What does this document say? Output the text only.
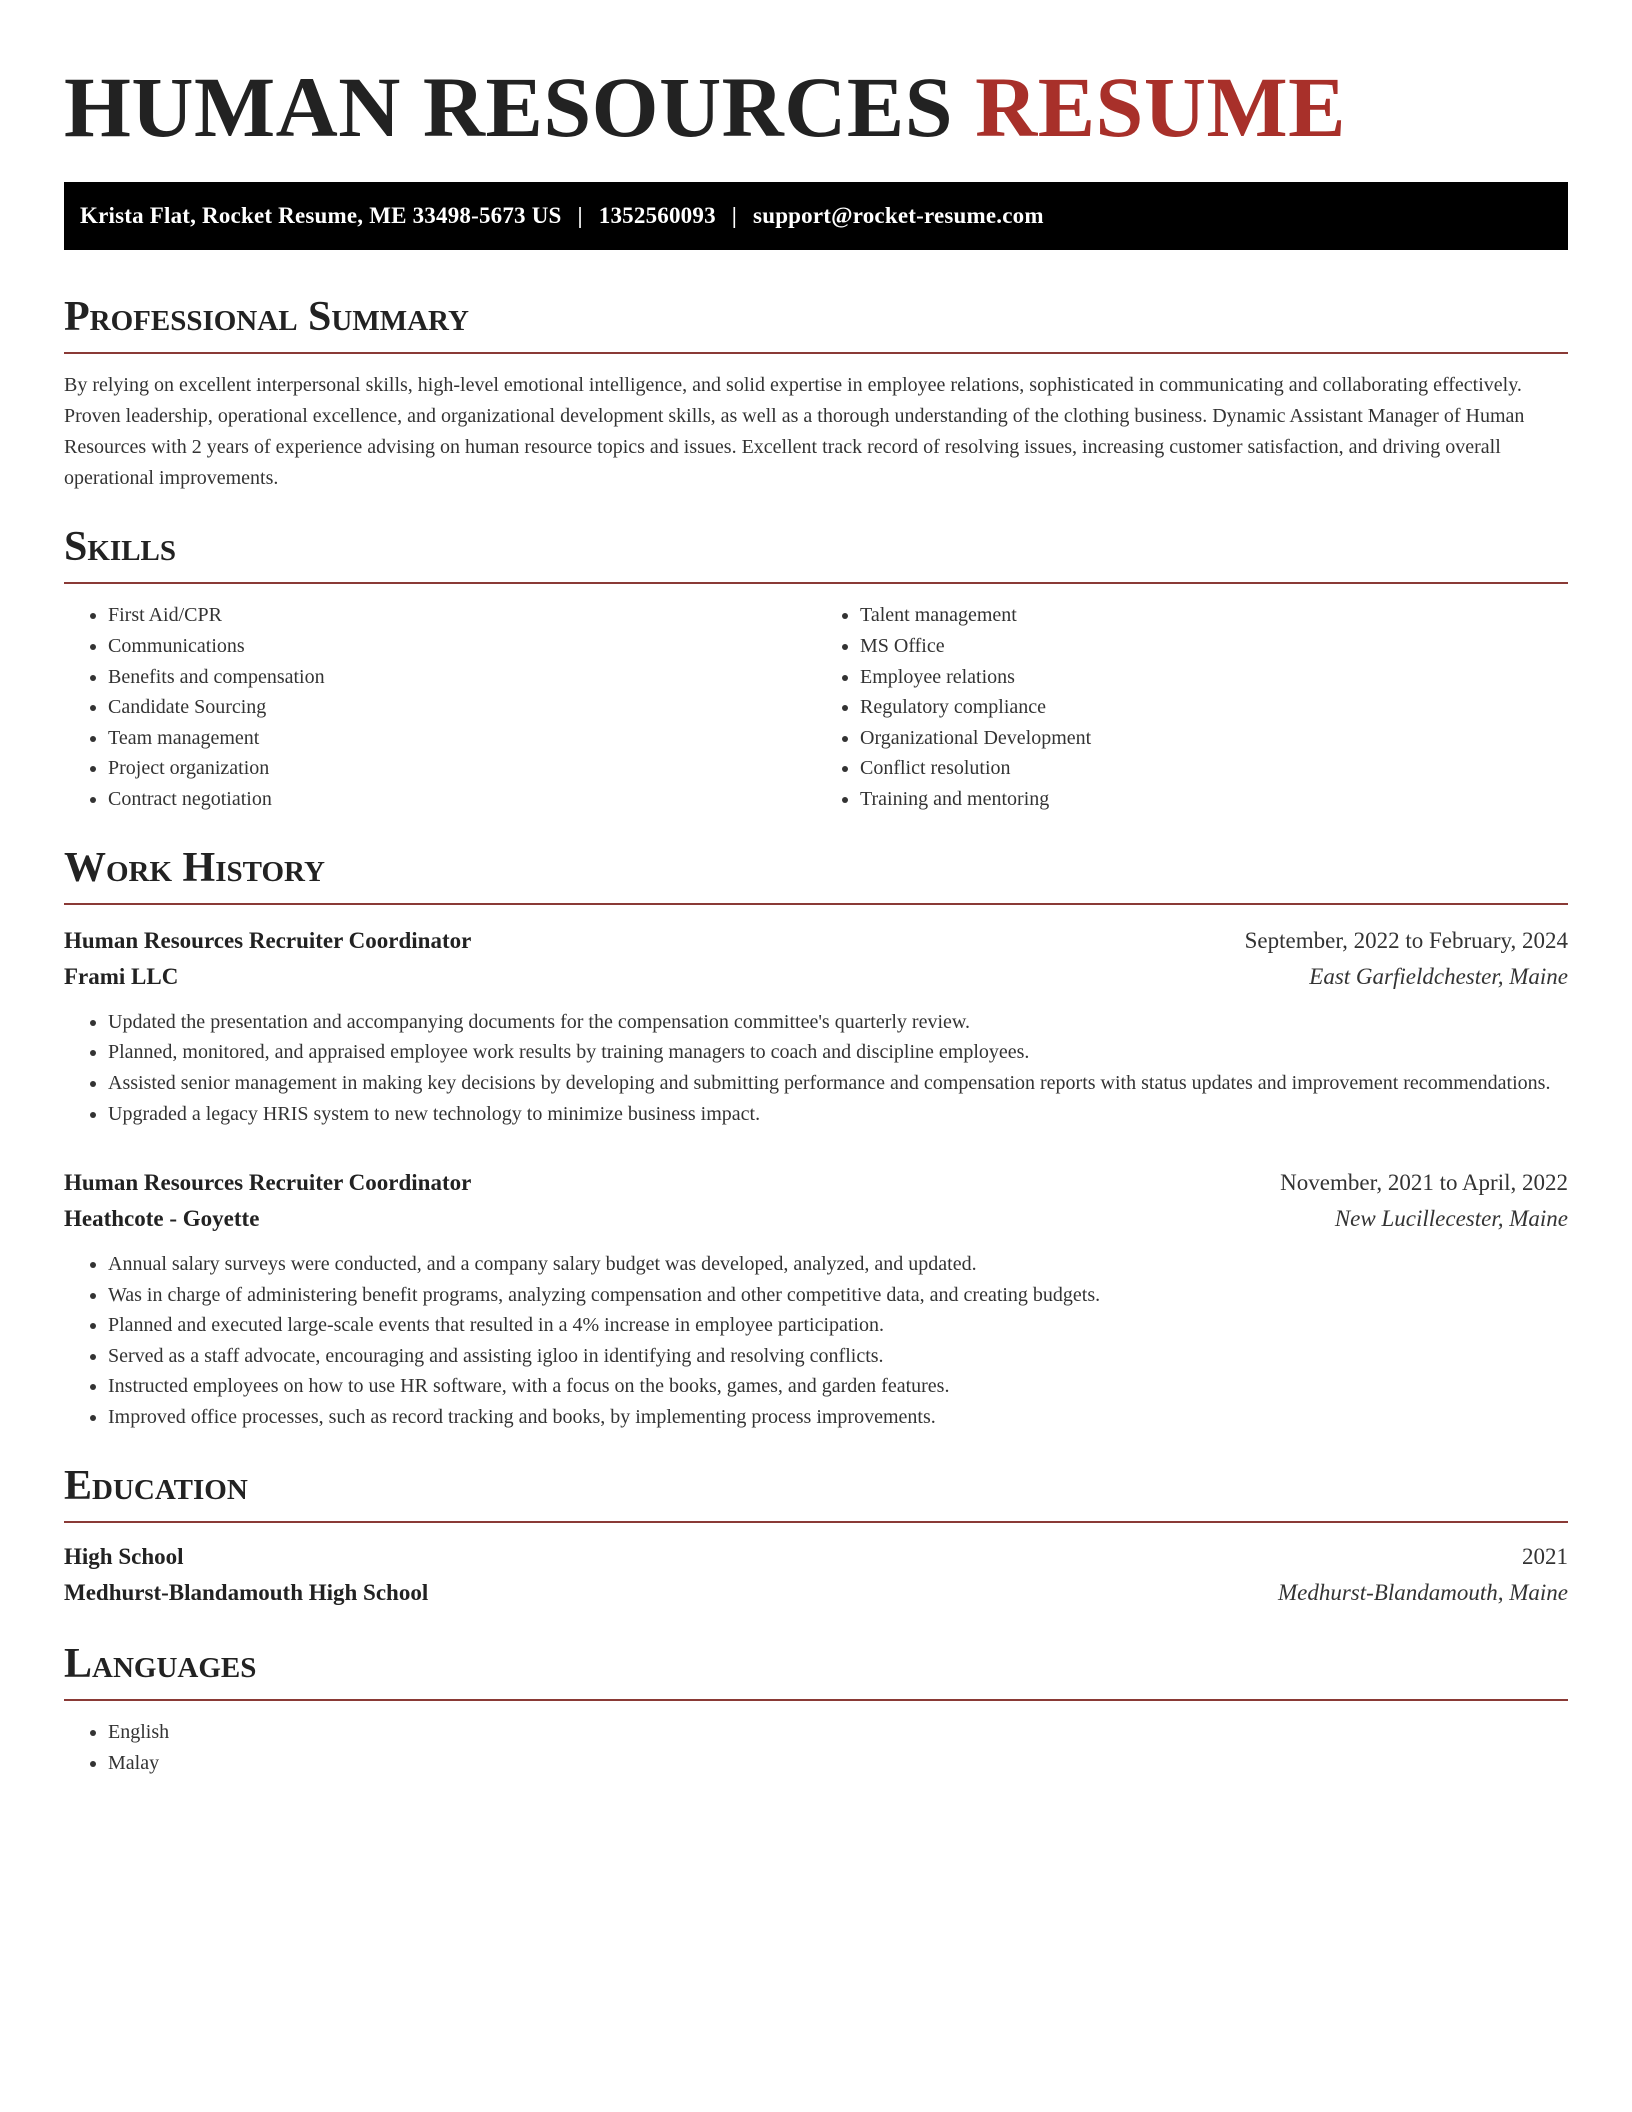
HUMAN RESOURCES RESUME
Krista Flat, Rocket Resume, ME 33498-5673 US | 1352560093 | support@rocket-resume.com
Professional Summary

By relying on excellent interpersonal skills, high-level emotional intelligence, and solid expertise in employee relations, sophisticated in communicating and collaborating effectively. Proven leadership, operational excellence, and organizational development skills, as well as a thorough understanding of the clothing business. Dynamic Assistant Manager of Human Resources with 2 years of experience advising on human resource topics and issues. Excellent track record of resolving issues, increasing customer satisfaction, and driving overall operational improvements.

Skills
• First Aid/CPR
• Communications
• Benefits and compensation
• Candidate Sourcing
• Team management
• Project organization
• Contract negotiation
• Talent management
• MS Office
• Employee relations
• Regulatory compliance
• Organizational Development
• Conflict resolution
• Training and mentoring
Work History
Human Resources Recruiter Coordinator	September, 2022 to February, 2024
Frami LLC	East Garfieldchester, Maine
• Updated the presentation and accompanying documents for the compensation committee's quarterly review.
• Planned, monitored, and appraised employee work results by training managers to coach and discipline employees.
• Assisted senior management in making key decisions by developing and submitting performance and compensation reports with status updates and improvement recommendations.
• Upgraded a legacy HRIS system to new technology to minimize business impact.
Human Resources Recruiter Coordinator	November, 2021 to April, 2022
Heathcote - Goyette	New Lucillecester, Maine
• Annual salary surveys were conducted, and a company salary budget was developed, analyzed, and updated.
• Was in charge of administering benefit programs, analyzing compensation and other competitive data, and creating budgets.
• Planned and executed large-scale events that resulted in a 4% increase in employee participation.
• Served as a staff advocate, encouraging and assisting igloo in identifying and resolving conflicts.
• Instructed employees on how to use HR software, with a focus on the books, games, and garden features.
• Improved office processes, such as record tracking and books, by implementing process improvements.
Education
High School	2021
Medhurst-Blandamouth High School	Medhurst-Blandamouth, Maine
Languages
• English
• Malay
